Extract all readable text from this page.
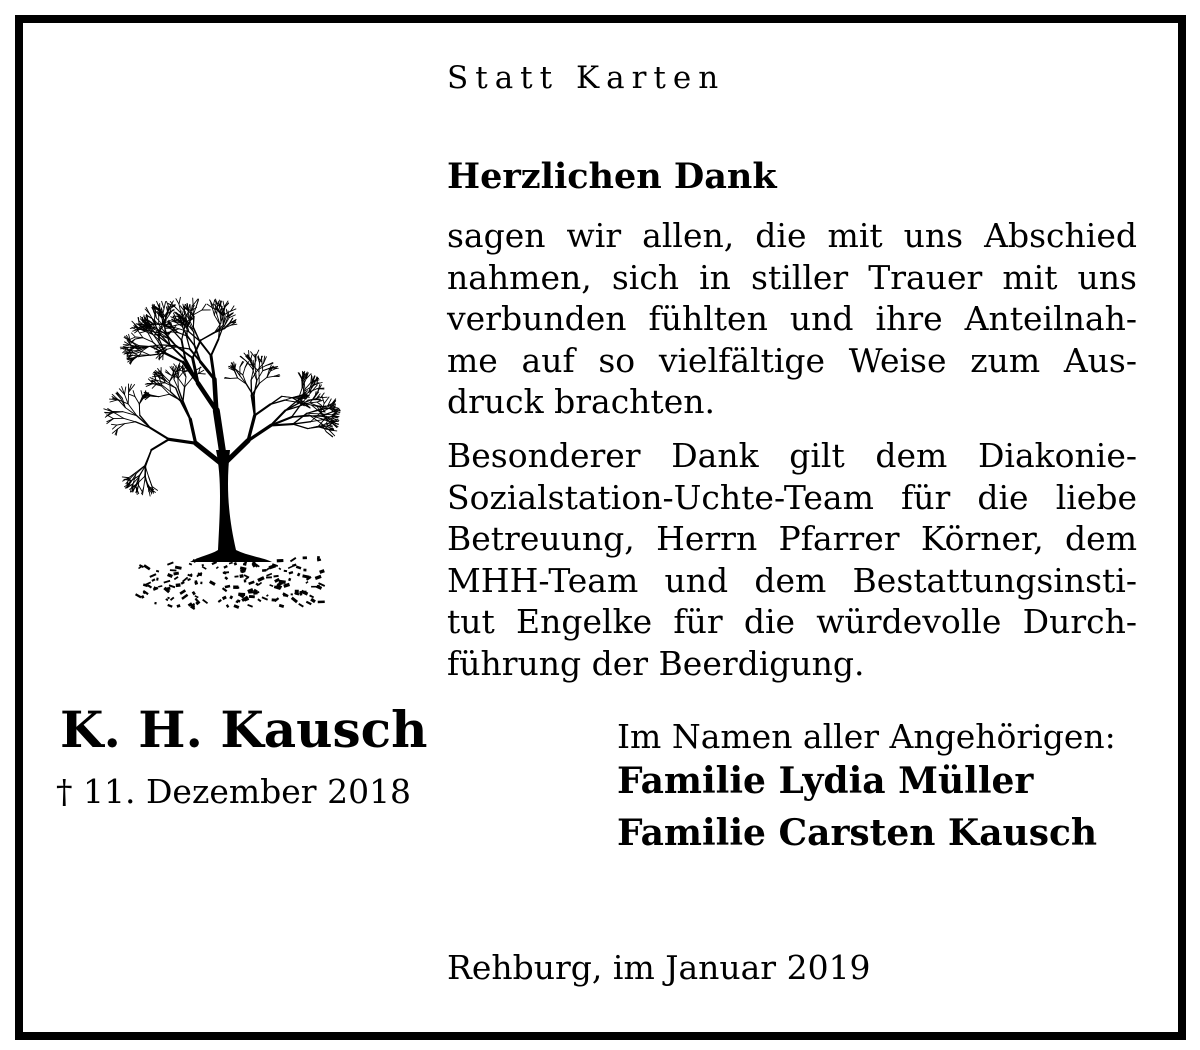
Statt Karten
Herzlichen Dank
sagen wir allen, die mit uns Abschied
nahmen, sich in stiller Trauer mit uns
verbunden fühlten und ihre Anteilnah-
me auf so vielfältige Weise zum Aus-
druck brachten.
Besonderer Dank gilt dem Diakonie-
Sozialstation-Uchte-Team für die liebe
Betreuung, Herrn Pfarrer Körner, dem
MHH-Team und dem Bestattungsinsti-
tut Engelke für die würdevolle Durch-
führung der Beerdigung.
K. H. Kausch
† 11. Dezember 2018
Im Namen aller Angehörigen:
Familie Lydia Müller
Familie Carsten Kausch
Rehburg, im Januar 2019
